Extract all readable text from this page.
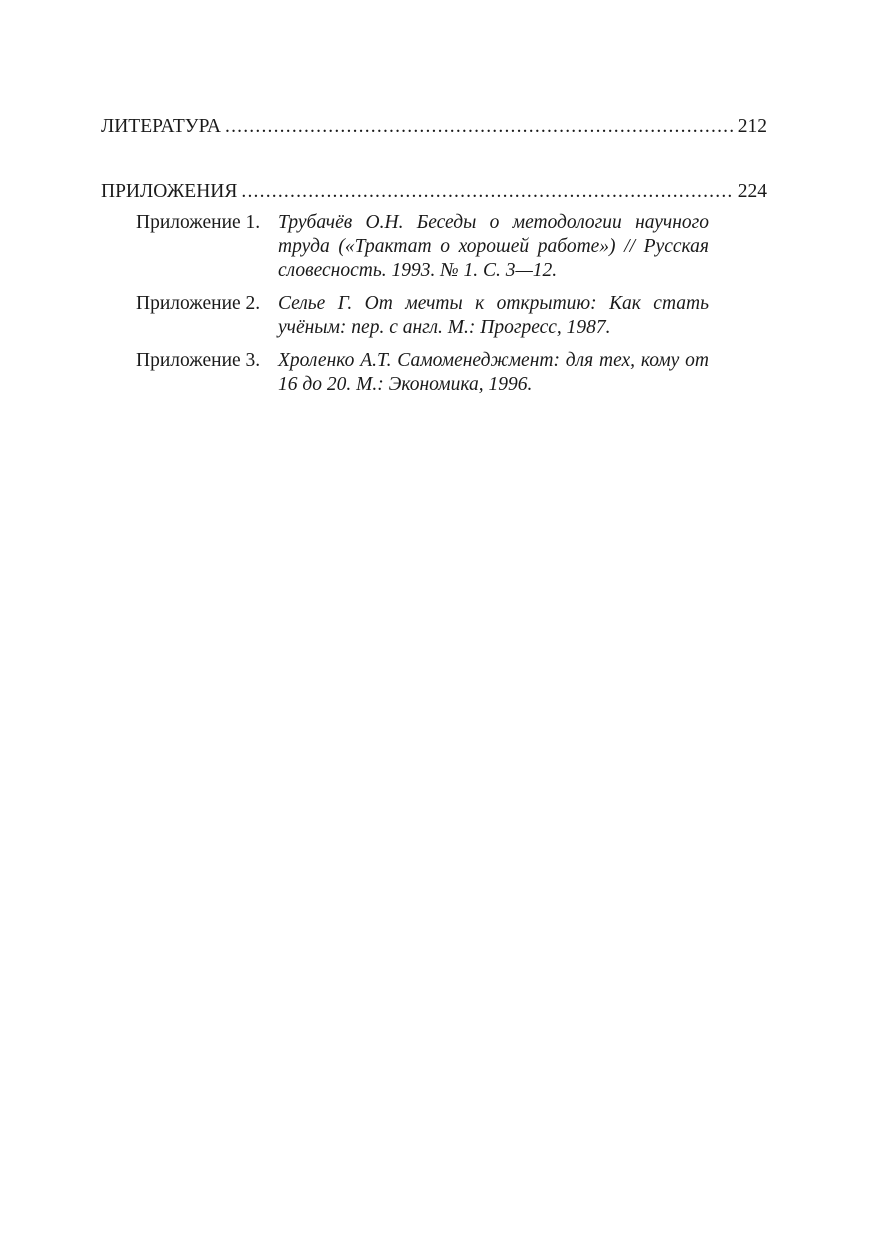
ЛИТЕРАТУРА .....	212
ПРИЛОЖЕНИЯ .....	224
Приложение 1. Трубачёв О.Н. Беседы о методологии научного труда («Трактат о хорошей работе») // Русская словесность. 1993. № 1. С. 3—12.
Приложение 2. Селье Г. От мечты к открытию: Как стать учёным: пер. с англ. М.: Прогресс, 1987.
Приложение 3. Хроленко А.Т. Самоменеджмент: для тех, кому от 16 до 20. М.: Экономика, 1996.
